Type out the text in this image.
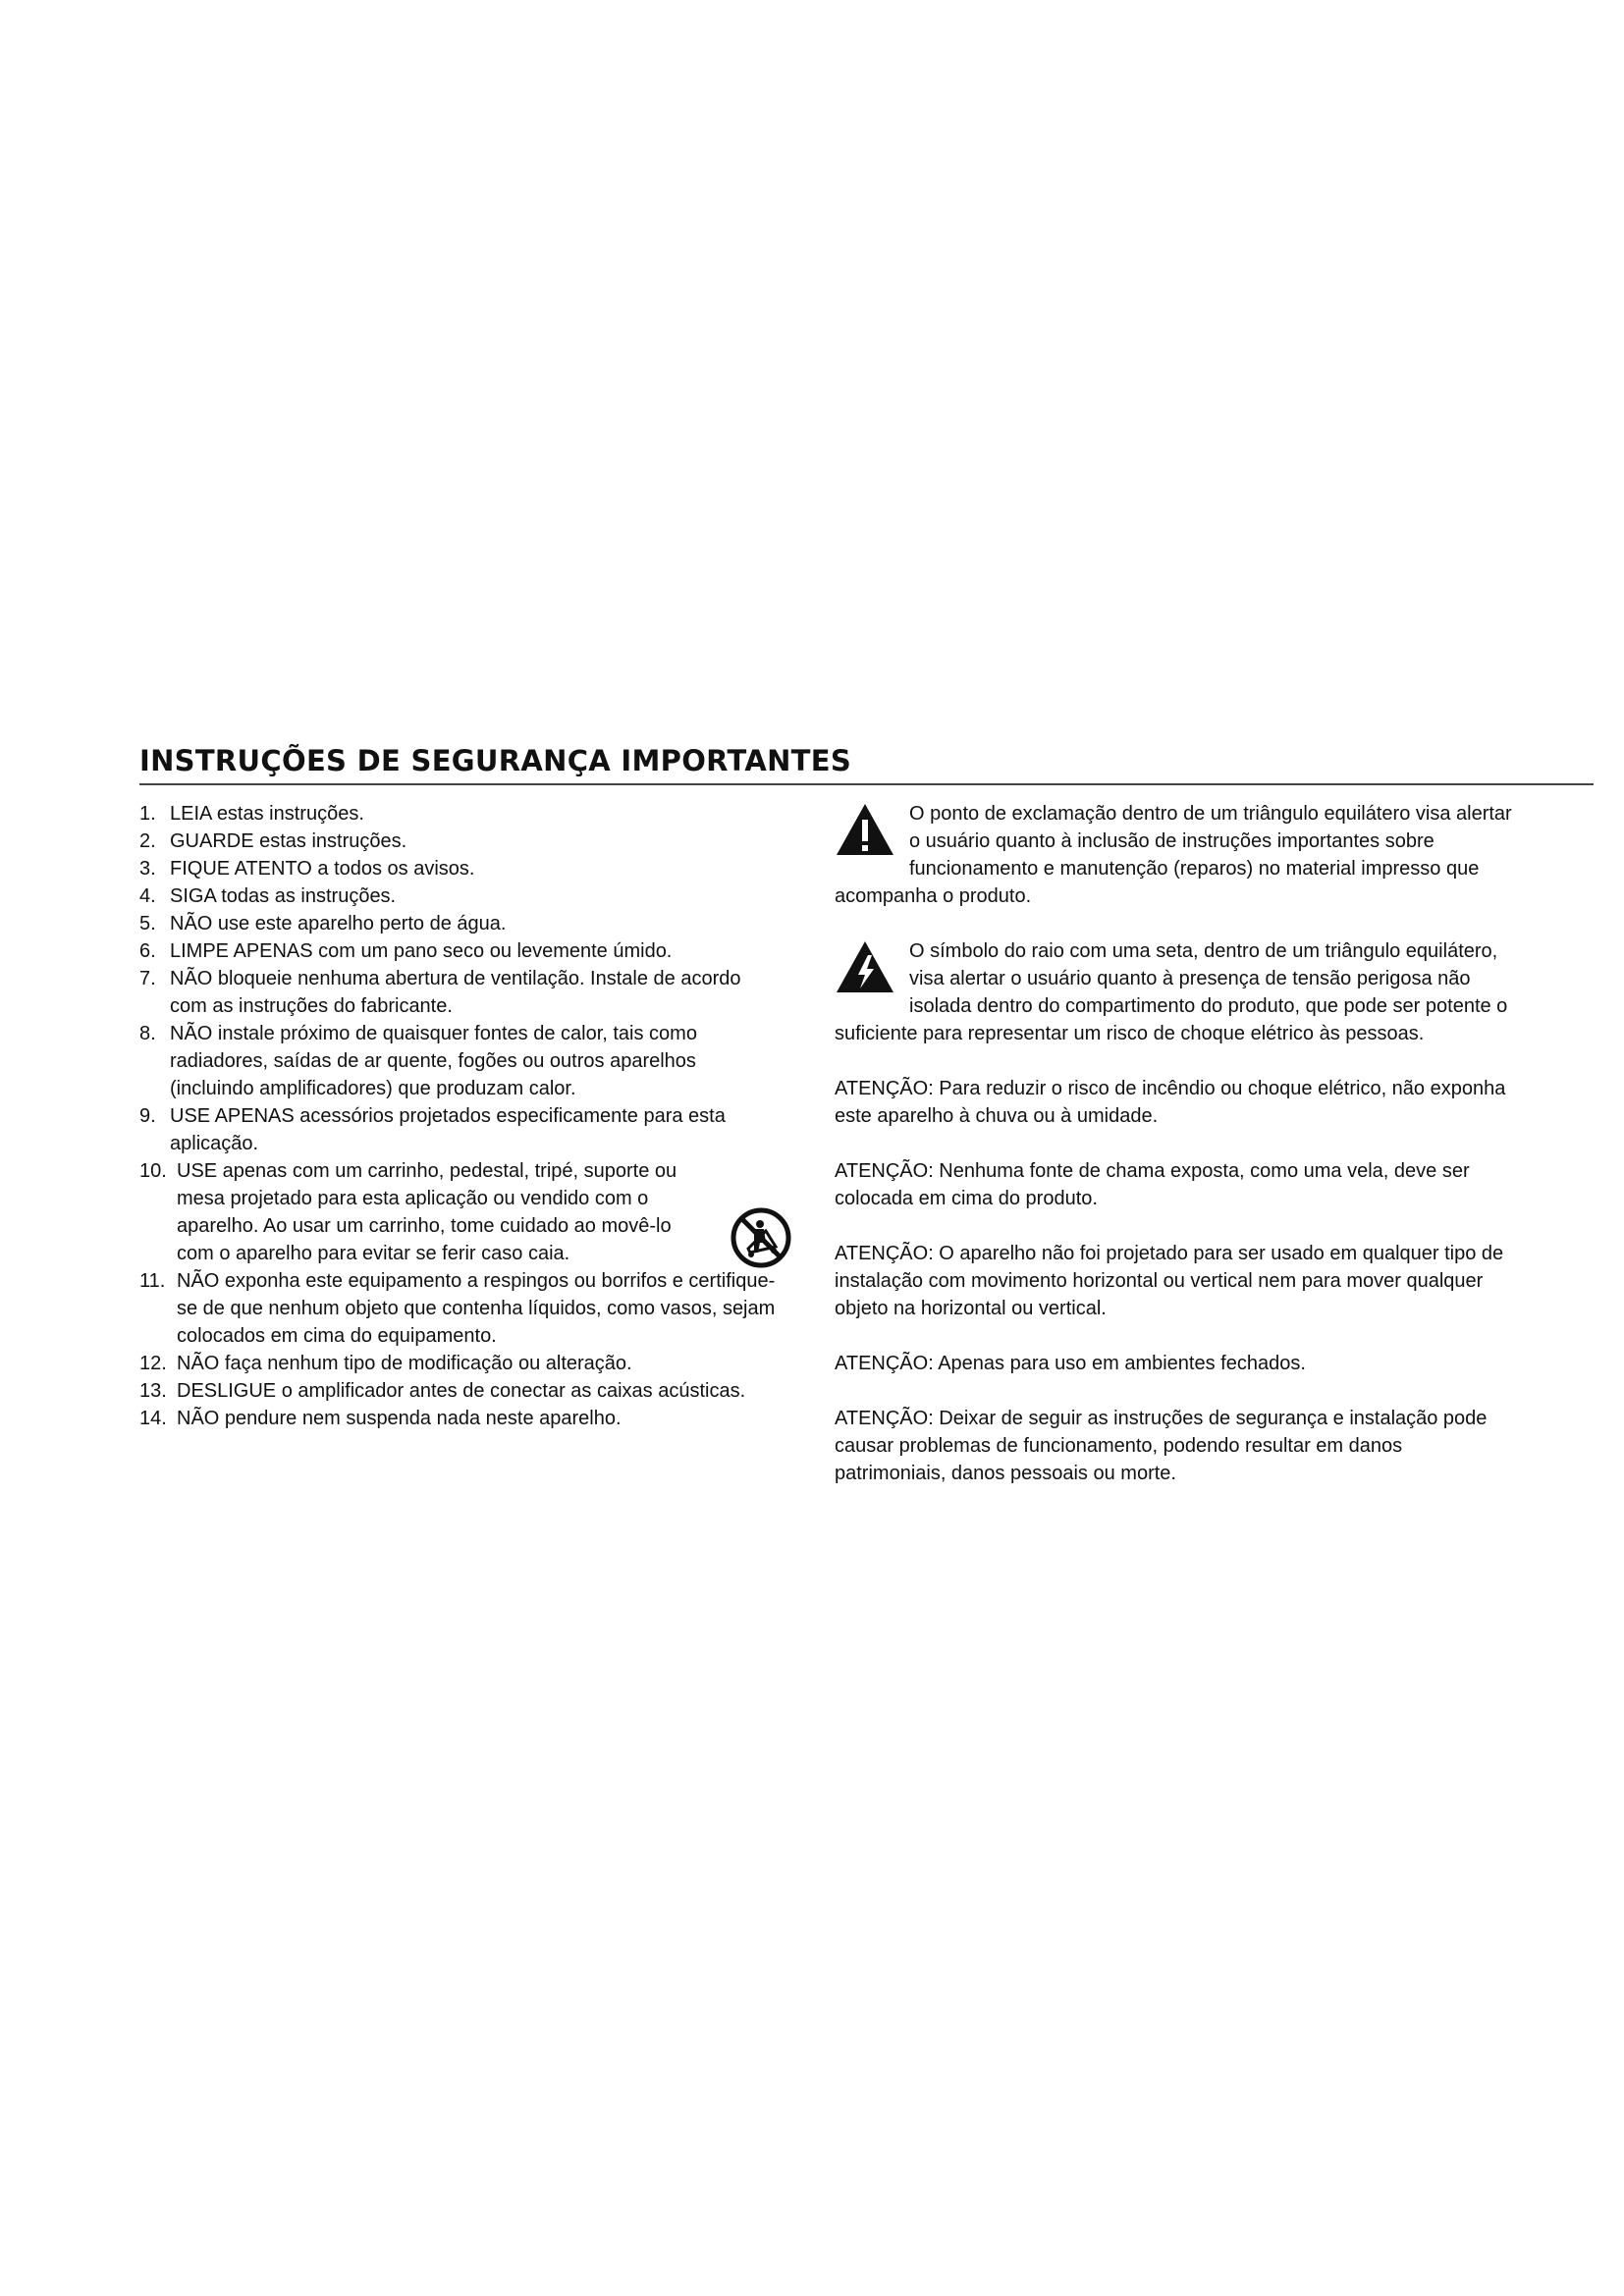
INSTRUÇÕES DE SEGURANÇA IMPORTANTES
1. LEIA estas instruções.
2. GUARDE estas instruções.
3. FIQUE ATENTO a todos os avisos.
4. SIGA todas as instruções.
5. NÃO use este aparelho perto de água.
6. LIMPE APENAS com um pano seco ou levemente úmido.
7. NÃO bloqueie nenhuma abertura de ventilação. Instale de acordo com as instruções do fabricante.
8. NÃO instale próximo de quaisquer fontes de calor, tais como radiadores, saídas de ar quente, fogões ou outros aparelhos (incluindo amplificadores) que produzam calor.
9. USE APENAS acessórios projetados especificamente para esta aplicação.
10. USE apenas com um carrinho, pedestal, tripé, suporte ou mesa projetado para esta aplicação ou vendido com o aparelho. Ao usar um carrinho, tome cuidado ao movê-lo com o aparelho para evitar se ferir caso caia.
11. NÃO exponha este equipamento a respingos ou borrifos e certifique-se de que nenhum objeto que contenha líquidos, como vasos, sejam colocados em cima do equipamento.
12. NÃO faça nenhum tipo de modificação ou alteração.
13. DESLIGUE o amplificador antes de conectar as caixas acústicas.
14. NÃO pendure nem suspenda nada neste aparelho.
O ponto de exclamação dentro de um triângulo equilátero visa alertar o usuário quanto à inclusão de instruções importantes sobre funcionamento e manutenção (reparos) no material impresso que acompanha o produto.
O símbolo do raio com uma seta, dentro de um triângulo equilátero, visa alertar o usuário quanto à presença de tensão perigosa não isolada dentro do compartimento do produto, que pode ser potente o suficiente para representar um risco de choque elétrico às pessoas.

ATENÇÃO: Para reduzir o risco de incêndio ou choque elétrico, não exponha este aparelho à chuva ou à umidade.

ATENÇÃO: Nenhuma fonte de chama exposta, como uma vela, deve ser colocada em cima do produto.

ATENÇÃO: O aparelho não foi projetado para ser usado em qualquer tipo de instalação com movimento horizontal ou vertical nem para mover qualquer objeto na horizontal ou vertical.

ATENÇÃO: Apenas para uso em ambientes fechados.

ATENÇÃO: Deixar de seguir as instruções de segurança e instalação pode causar problemas de funcionamento, podendo resultar em danos patrimoniais, danos pessoais ou morte.
